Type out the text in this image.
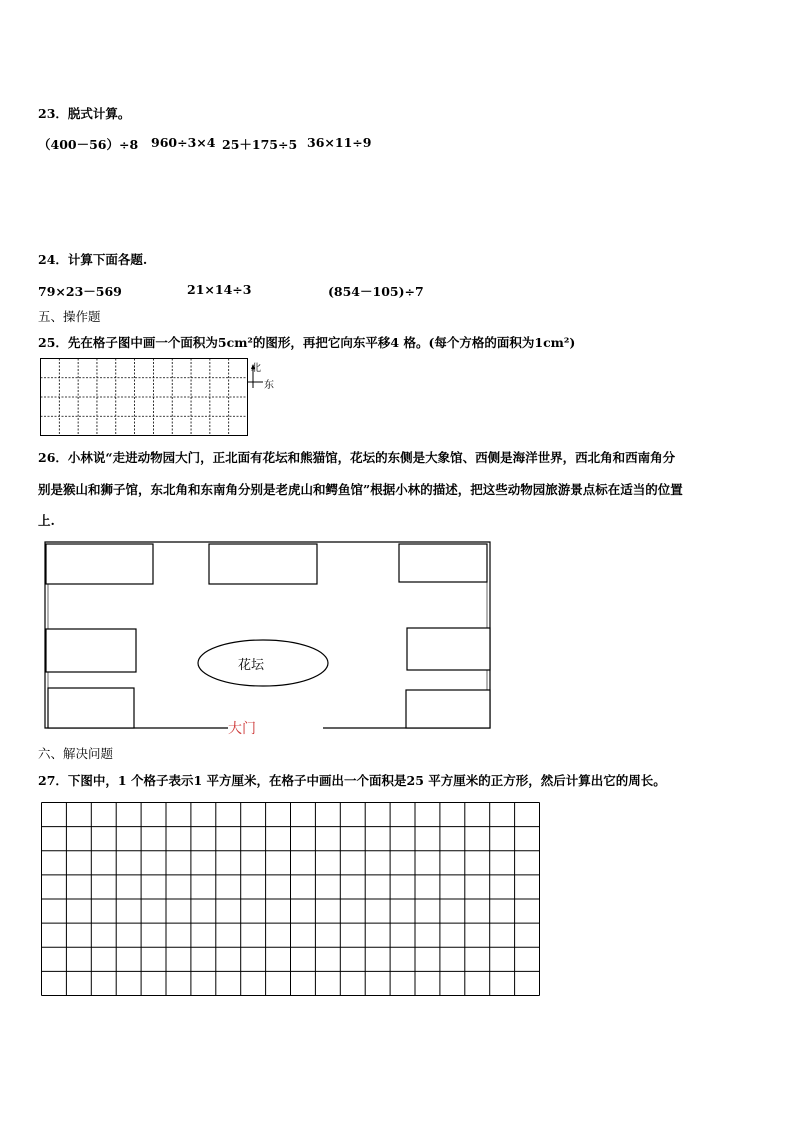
23．脱式计算。
（400－56）÷8 960÷3×4 25＋175÷5 36×11÷9
24．计算下面各题.
79×23－569	21×14÷3	(854－105)÷7
五、操作题
25．先在格子图中画一个面积为5cm²的图形，再把它向东平移4 格。(每个方格的面积为1cm²)
北
东
26．小林说“走进动物园大门，正北面有花坛和熊猫馆，花坛的东侧是大象馆、西侧是海洋世界，西北角和西南角分
别是猴山和狮子馆，东北角和东南角分别是老虎山和鳄鱼馆”根据小林的描述，把这些动物园旅游景点标在适当的位置
上.
花坛
大门
六、解决问题
27．下图中，1 个格子表示1 平方厘米，在格子中画出一个面积是25 平方厘米的正方形，然后计算出它的周长。
